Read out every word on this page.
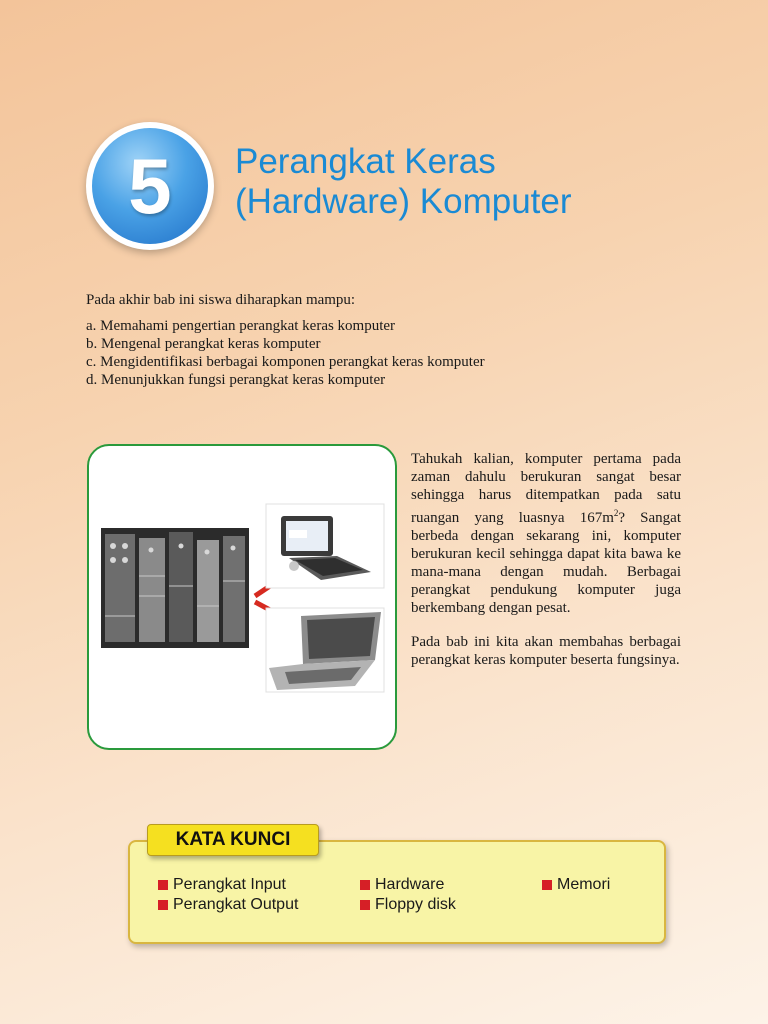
5 Perangkat Keras
(Hardware) Komputer
Pada akhir bab ini siswa diharapkan mampu:
a. Memahami pengertian perangkat keras komputer
b. Mengenal perangkat keras komputer
c. Mengidentifikasi berbagai komponen perangkat keras komputer
d. Menunjukkan fungsi perangkat keras komputer

Tahukah kalian, komputer pertama pada zaman dahulu berukuran sangat besar sehingga harus ditempatkan pada satu ruangan yang luasnya $167m^2$? Sangat berbeda dengan sekarang ini, komputer berukuran kecil sehingga dapat kita bawa ke mana-mana dengan mudah. Berbagai perangkat pendukung komputer juga berkembang dengan pesat.

Pada bab ini kita akan membahas berbagai perangkat keras komputer beserta fungsinya.

KATA KUNCI
Perangkat Input
Perangkat Output
Hardware
Floppy disk
Memori
